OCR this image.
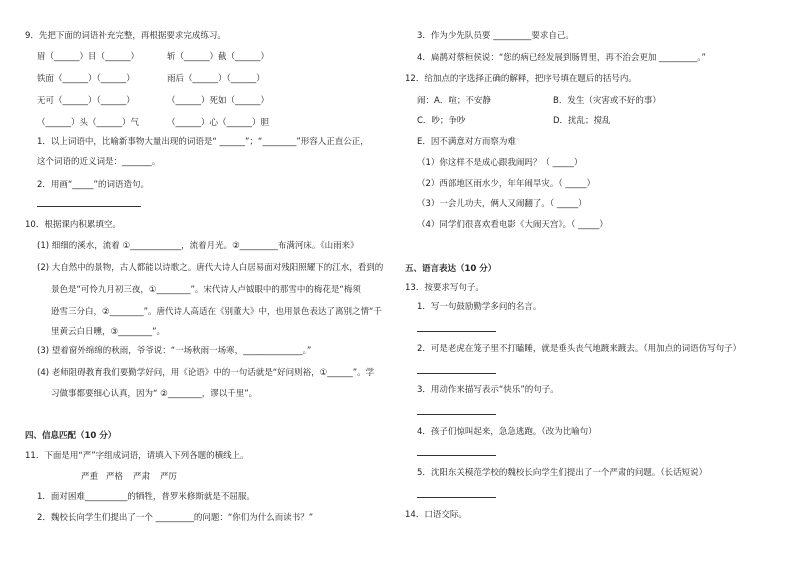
9．先把下面的词语补充完整，再根据要求完成练习。
眉（______）目（______）	斩（______）截（______）
铁面（______）（______）	雨后（______）（______）
无可（______）（______）	（______）死如（______）
（______）头（______）气	（______）心（______）胆
1．以上词语中，比喻新事物大量出现的词语是“ ______”；“________”形容人正直公正，
这个词语的近义词是：_______。
2．用画“_____”的词语造句。
10．根据课内积累填空。
(1) 细细的溪水，流着 ①____________，流着月光。②_________布满河床。《山雨来》
(2) 大自然中的景物，古人都能以诗歌之。唐代大诗人白居易面对残阳照耀下的江水，看到的
景色是“可怜九月初三夜，①________”。宋代诗人卢钺眼中的那雪中的梅花是“梅须
逊雪三分白，②________”。唐代诗人高适在《别董大》中，也用景色表达了离别之情“千
里黄云白日曛，③________”。
(3) 望着窗外绵绵的秋雨，爷爷说：“一场秋雨一场寒，______________。”
(4) 老师阻碍教育我们要勤学好问，用《论语》中的一句话就是“好问则裕，①______”。学
习做事都要细心认真，因为“ ②________，谬以千里”。
四、信息匹配（10 分）
11．下面是用“严”字组成词语，请填入下列各题的横线上。
严重 严格 严肃 严厉
1．面对困难__________的牺牲，普罗米修斯就是不屈服。
2．魏校长向学生们提出了一个 _________的问题：“你们为什么而读书？”
3．作为少先队员要 _________要求自己。
4．扁鹊对蔡桓侯说：“您的病已经发展到肠胃里，再不治会更加 _________。”
12．给加点的字选择正确的解释，把序号填在题后的括号内。
闹：A．喧；不安静	B．发生（灾害或不好的事）
C．吵；争吵	D．扰乱；搅乱
E．因不满意对方而察为难
（1）你这样不是成心跟我闹吗？（ _____）
（2）西部地区雨水少，年年闹旱灾。（ _____）
（3）一会儿功夫，俩人又闹翻了。（ _____）
（4）同学们很喜欢看电影《大闹天宫》。（ _____）
五、语言表达（10 分）
13．按要求写句子。
1．写一句鼓励勤学多问的名言。
2．可是老虎在笼子里不打瞌睡，就是垂头丧气地踱来踱去。（用加点的词语仿写句子）
3．用动作来描写表示“快乐”的句子。
4．孩子们惊叫起来，急急逃跑。（改为比喻句）
5．沈阳东关模范学校的魏校长向学生们提出了一个严肃的问题。（长话短说）
14．口语交际。
